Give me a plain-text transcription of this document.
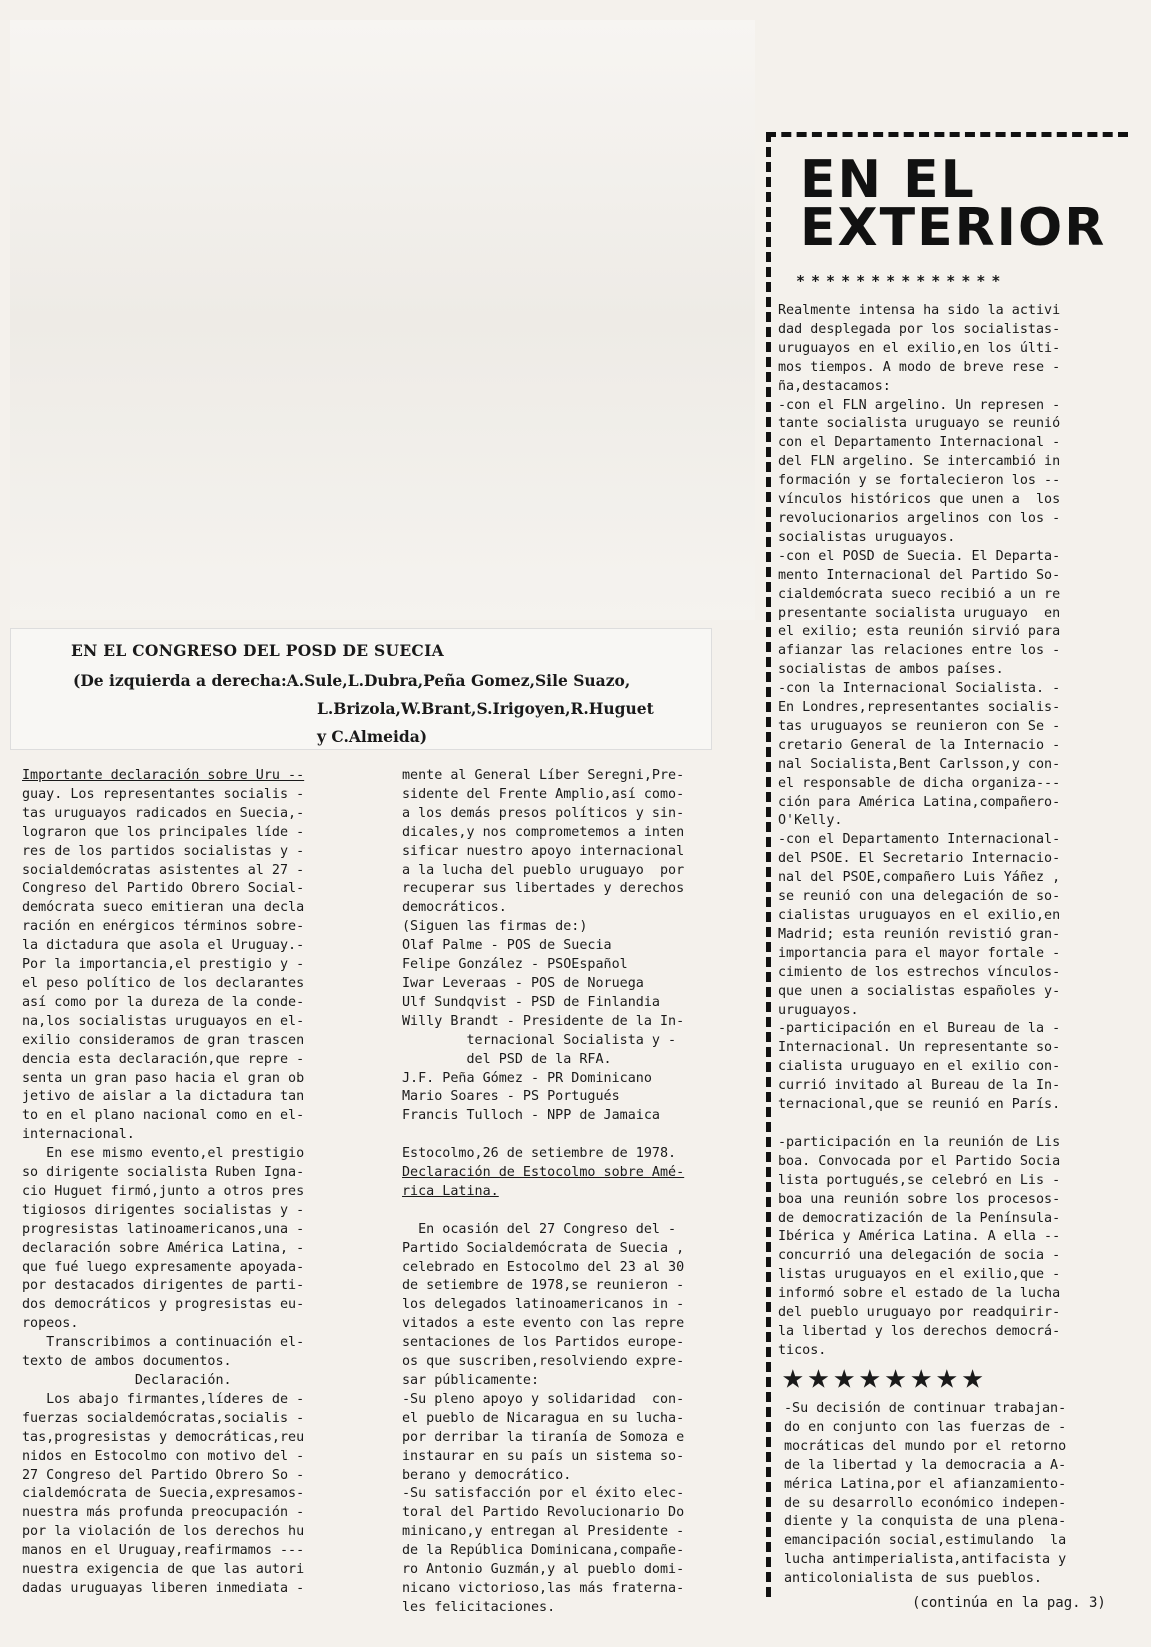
EN EL CONGRESO DEL POSD DE SUECIA
(De izquierda a derecha:A.Sule,L.Dubra,Peña Gomez,Sile Suazo,
L.Brizola,W.Brant,S.Irigoyen,R.Huguet
y C.Almeida)
Importante declaración sobre Uru --
guay. Los representantes socialis -
tas uruguayos radicados en Suecia,-
lograron que los principales líde -
res de los partidos socialistas y -
socialdemócratas asistentes al 27 -
Congreso del Partido Obrero Social-
demócrata sueco emitieran una decla
ración en enérgicos términos sobre-
la dictadura que asola el Uruguay.-
Por la importancia,el prestigio y -
el peso político de los declarantes
así como por la dureza de la conde-
na,los socialistas uruguayos en el-
exilio consideramos de gran trascen
dencia esta declaración,que repre -
senta un gran paso hacia el gran ob
jetivo de aislar a la dictadura tan
to en el plano nacional como en el-
internacional.
En ese mismo evento,el prestigio
so dirigente socialista Ruben Igna-
cio Huguet firmó,junto a otros pres
tigiosos dirigentes socialistas y -
progresistas latinoamericanos,una -
declaración sobre América Latina, -
que fué luego expresamente apoyada-
por destacados dirigentes de parti-
dos democráticos y progresistas eu-
ropeos.
Transcribimos a continuación el-
texto de ambos documentos.
Declaración.
Los abajo firmantes,líderes de -
fuerzas socialdemócratas,socialis -
tas,progresistas y democráticas,reu
nidos en Estocolmo con motivo del -
27 Congreso del Partido Obrero So -
cialdemócrata de Suecia,expresamos-
nuestra más profunda preocupación -
por la violación de los derechos hu
manos en el Uruguay,reafirmamos ---
nuestra exigencia de que las autori
dadas uruguayas liberen inmediata -
mente al General Líber Seregni,Pre-
sidente del Frente Amplio,así como-
a los demás presos políticos y sin-
dicales,y nos comprometemos a inten
sificar nuestro apoyo internacional
a la lucha del pueblo uruguayo  por
recuperar sus libertades y derechos
democráticos.
(Siguen las firmas de:)
Olaf Palme - POS de Suecia
Felipe González - PSOEspañol
Iwar Leveraas - POS de Noruega
Ulf Sundqvist - PSD de Finlandia
Willy Brandt - Presidente de la In-
ternacional Socialista y -
del PSD de la RFA.
J.F. Peña Gómez - PR Dominicano
Mario Soares - PS Portugués
Francis Tulloch - NPP de Jamaica

Estocolmo,26 de setiembre de 1978.
Declaración de Estocolmo sobre Amé-
rica Latina.

En ocasión del 27 Congreso del -
Partido Socialdemócrata de Suecia ,
celebrado en Estocolmo del 23 al 30
de setiembre de 1978,se reunieron -
los delegados latinoamericanos in -
vitados a este evento con las repre
sentaciones de los Partidos europe-
os que suscriben,resolviendo expre-
sar públicamente:
-Su pleno apoyo y solidaridad  con-
el pueblo de Nicaragua en su lucha-
por derribar la tiranía de Somoza e
instaurar en su país un sistema so-
berano y democrático.
-Su satisfacción por el éxito elec-
toral del Partido Revolucionario Do
minicano,y entregan al Presidente -
de la República Dominicana,compañe-
ro Antonio Guzmán,y al pueblo domi-
nicano victorioso,las más fraterna-
les felicitaciones.
EN EL
EXTERIOR
**************
★★★★★★★★
Realmente intensa ha sido la activi
dad desplegada por los socialistas-
uruguayos en el exilio,en los últi-
mos tiempos. A modo de breve rese -
ña,destacamos:
-con el FLN argelino. Un represen -
tante socialista uruguayo se reunió
con el Departamento Internacional -
del FLN argelino. Se intercambió in
formación y se fortalecieron los --
vínculos históricos que unen a  los
revolucionarios argelinos con los -
socialistas uruguayos.
-con el POSD de Suecia. El Departa-
mento Internacional del Partido So-
cialdemócrata sueco recibió a un re
presentante socialista uruguayo  en
el exilio; esta reunión sirvió para
afianzar las relaciones entre los -
socialistas de ambos países.
-con la Internacional Socialista. -
En Londres,representantes socialis-
tas uruguayos se reunieron con Se -
cretario General de la Internacio -
nal Socialista,Bent Carlsson,y con-
el responsable de dicha organiza---
ción para América Latina,compañero-
O'Kelly.
-con el Departamento Internacional-
del PSOE. El Secretario Internacio-
nal del PSOE,compañero Luis Yáñez ,
se reunió con una delegación de so-
cialistas uruguayos en el exilio,en
Madrid; esta reunión revistió gran-
importancia para el mayor fortale -
cimiento de los estrechos vínculos-
que unen a socialistas españoles y-
uruguayos.
-participación en el Bureau de la -
Internacional. Un representante so-
cialista uruguayo en el exilio con-
currió invitado al Bureau de la In-
ternacional,que se reunió en París.

-participación en la reunión de Lis
boa. Convocada por el Partido Socia
lista portugués,se celebró en Lis -
boa una reunión sobre los procesos-
de democratización de la Península-
Ibérica y América Latina. A ella --
concurrió una delegación de socia -
listas uruguayos en el exilio,que -
informó sobre el estado de la lucha
del pueblo uruguayo por readquirir-
la libertad y los derechos democrá-
ticos.
-Su decisión de continuar trabajan-
do en conjunto con las fuerzas de -
mocráticas del mundo por el retorno
de la libertad y la democracia a A-
mérica Latina,por el afianzamiento-
de su desarrollo económico indepen-
diente y la conquista de una plena-
emancipación social,estimulando  la
lucha antimperialista,antifacista y
anticolonialista de sus pueblos.
(continúa en la pag. 3)
